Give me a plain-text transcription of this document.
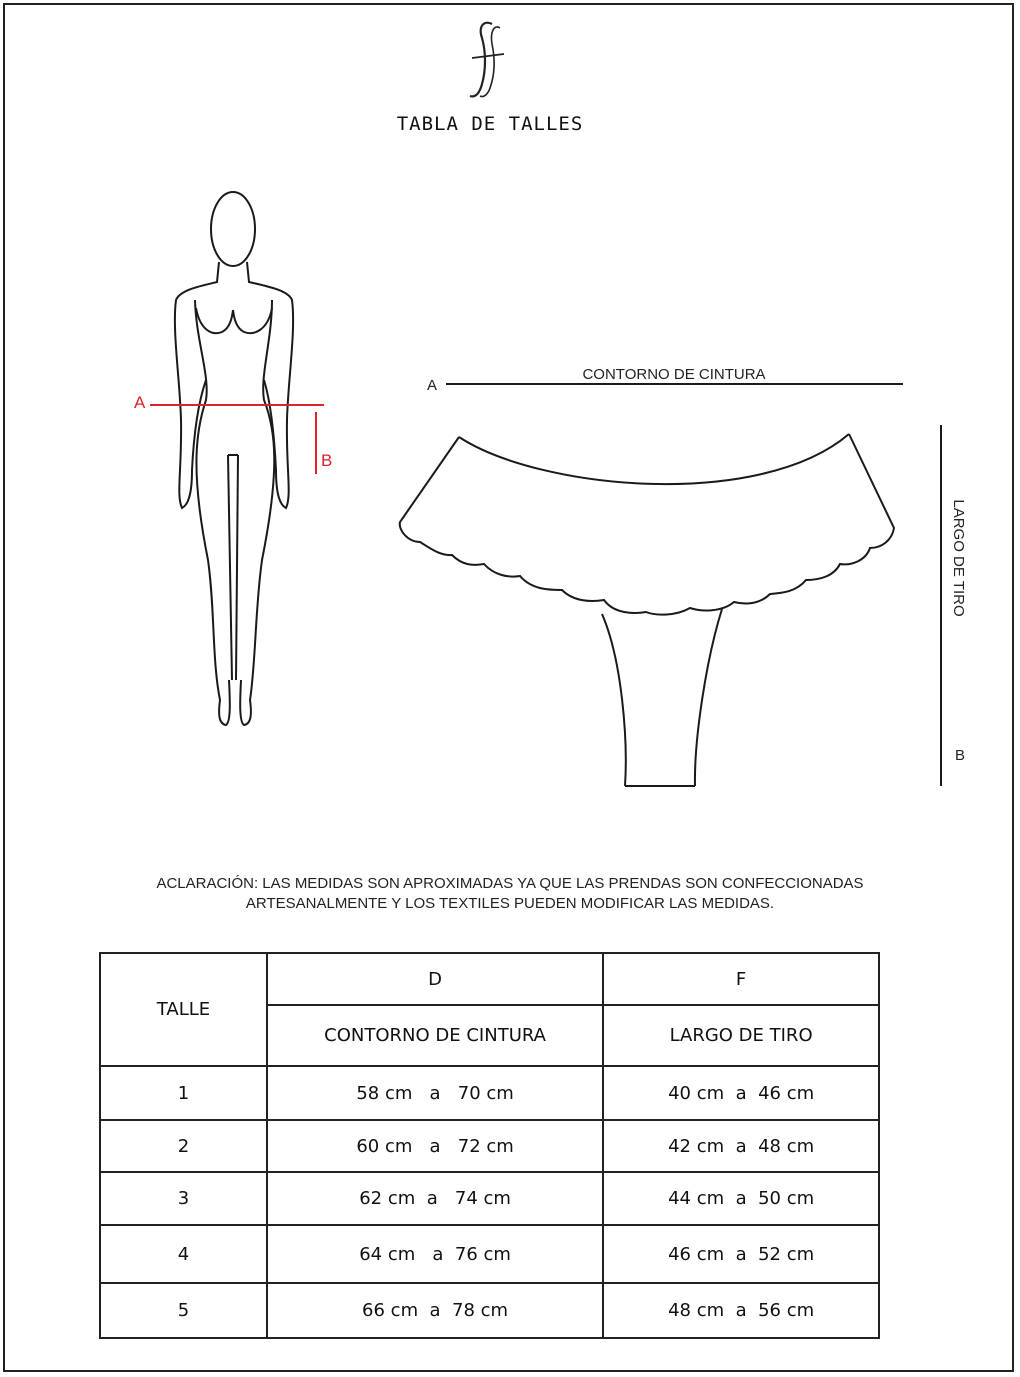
TABLA DE TALLES
A
B
A
B
CONTORNO DE CINTURA
LARGO DE TIRO
ACLARACIÓN: LAS MEDIDAS SON APROXIMADAS YA QUE LAS PRENDAS SON CONFECCIONADAS
ARTESANALMENTE Y LOS TEXTILES PUEDEN MODIFICAR LAS MEDIDAS.
TALLE	D	F
	CONTORNO DE CINTURA	LARGO DE TIRO
1	58 cm   a   70 cm	40 cm  a  46 cm
2	60 cm   a   72 cm	42 cm  a  48 cm
3	62 cm  a   74 cm	44 cm  a  50 cm
4	64 cm   a  76 cm	46 cm  a  52 cm
5	66 cm  a  78 cm	48 cm  a  56 cm
